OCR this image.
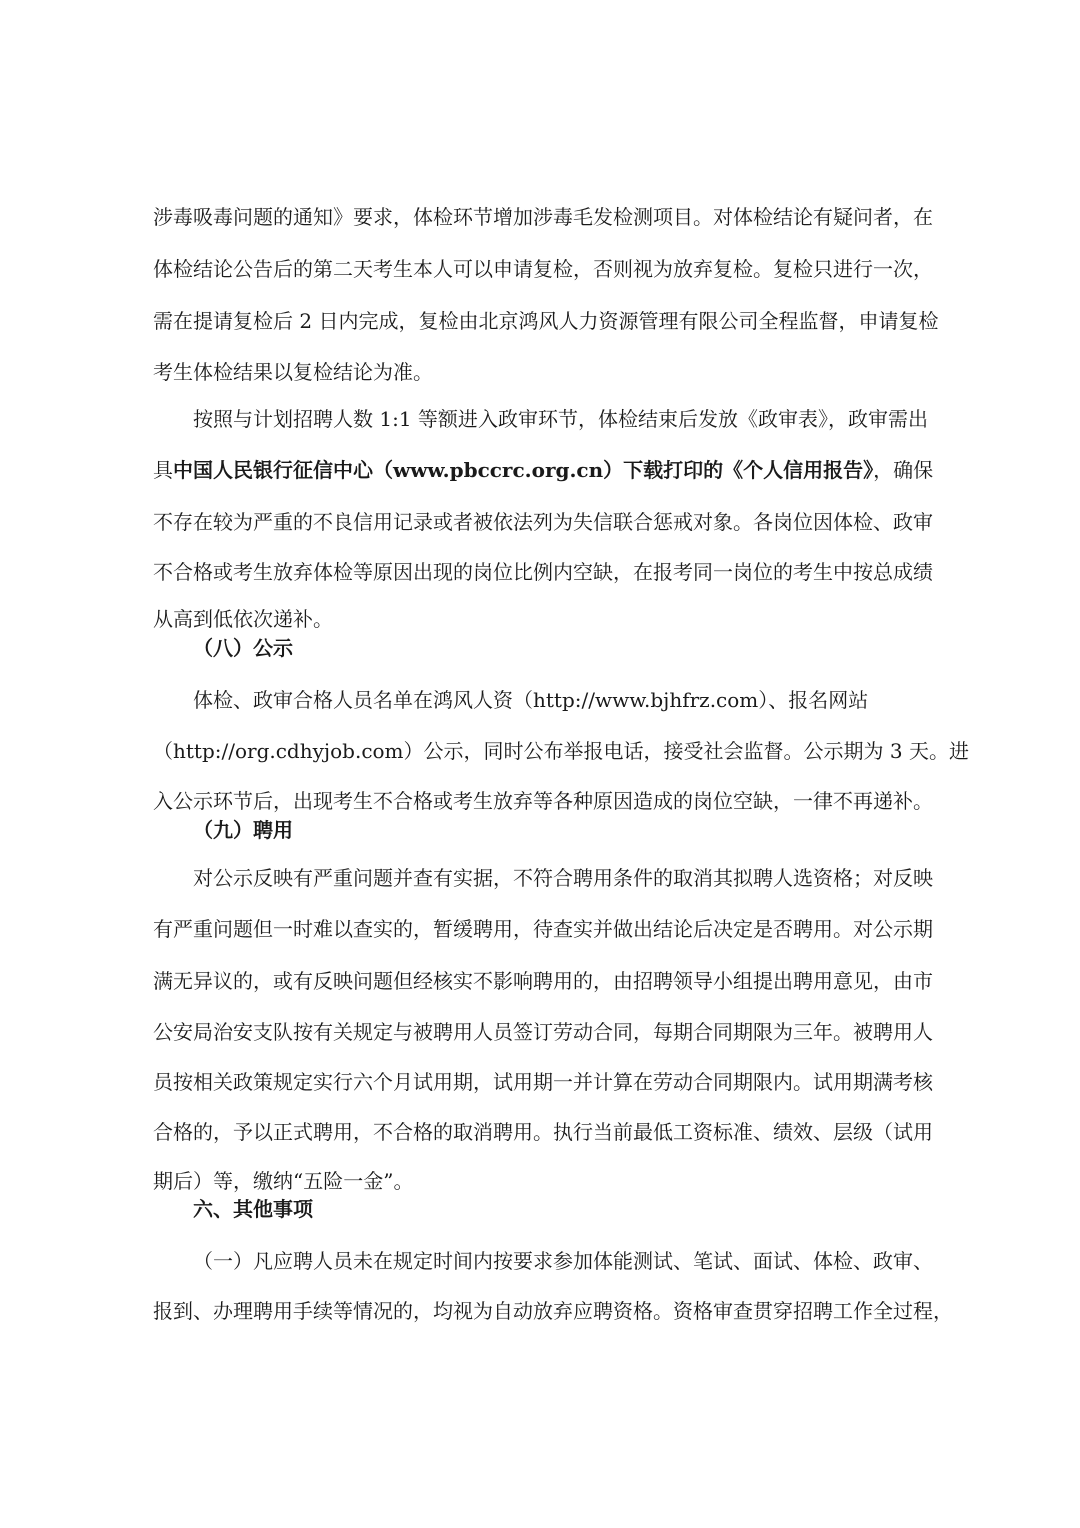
涉毒吸毒问题的通知》要求，体检环节增加涉毒毛发检测项目。对体检结论有疑问者，在
体检结论公告后的第二天考生本人可以申请复检，否则视为放弃复检。复检只进行一次，
需在提请复检后 2 日内完成，复检由北京鸿风人力资源管理有限公司全程监督，申请复检
考生体检结果以复检结论为准。
按照与计划招聘人数 1:1 等额进入政审环节，体检结束后发放《政审表》，政审需出
具中国人民银行征信中心（www.pbccrc.org.cn）下载打印的《个人信用报告》，确保
不存在较为严重的不良信用记录或者被依法列为失信联合惩戒对象。各岗位因体检、政审
不合格或考生放弃体检等原因出现的岗位比例内空缺，在报考同一岗位的考生中按总成绩
从高到低依次递补。
（八）公示
体检、政审合格人员名单在鸿风人资（http://www.bjhfrz.com）、报名网站
（http://org.cdhyjob.com）公示，同时公布举报电话，接受社会监督。公示期为 3 天。进
入公示环节后，出现考生不合格或考生放弃等各种原因造成的岗位空缺，一律不再递补。
（九）聘用
对公示反映有严重问题并查有实据，不符合聘用条件的取消其拟聘人选资格；对反映
有严重问题但一时难以查实的，暂缓聘用，待查实并做出结论后决定是否聘用。对公示期
满无异议的，或有反映问题但经核实不影响聘用的，由招聘领导小组提出聘用意见，由市
公安局治安支队按有关规定与被聘用人员签订劳动合同，每期合同期限为三年。被聘用人
员按相关政策规定实行六个月试用期，试用期一并计算在劳动合同期限内。试用期满考核
合格的，予以正式聘用，不合格的取消聘用。执行当前最低工资标准、绩效、层级（试用
期后）等，缴纳“五险一金”。
六、其他事项
（一）凡应聘人员未在规定时间内按要求参加体能测试、笔试、面试、体检、政审、
报到、办理聘用手续等情况的，均视为自动放弃应聘资格。资格审查贯穿招聘工作全过程，
